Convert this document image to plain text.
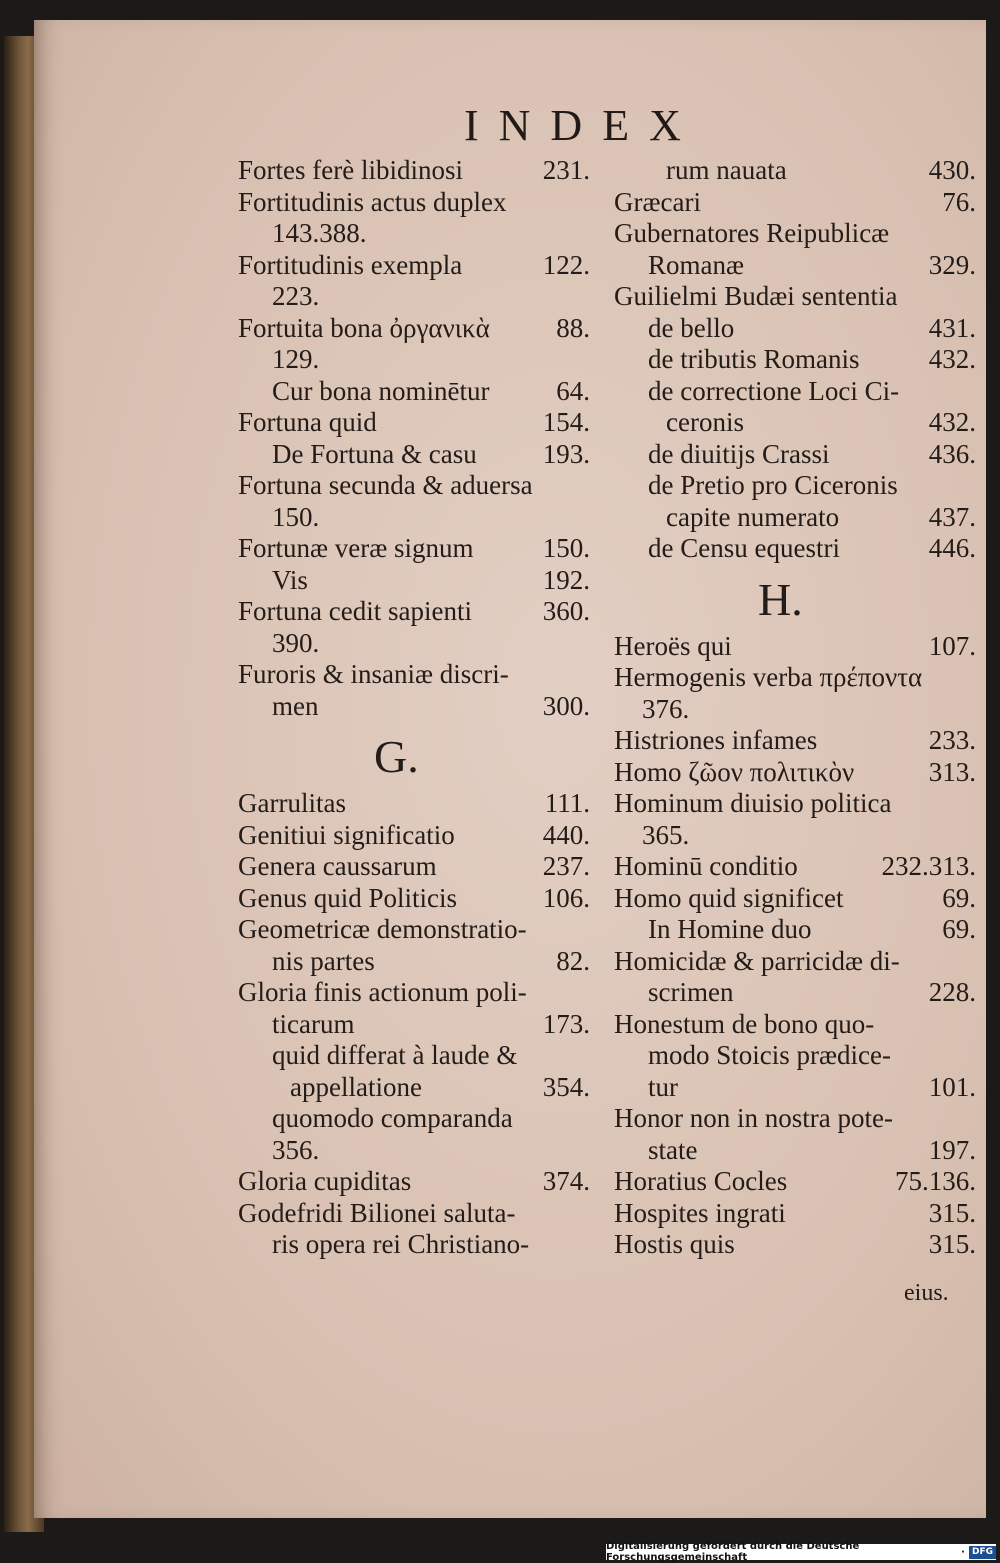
INDEX
Fortes ferè libidinosi	231.
Fortitudinis actus duplex
143.388.
Fortitudinis exempla	122.
223.
Fortuita bona ὀργανικὰ 88.
129.
Cur bona nominētur 64.
Fortuna quid	154.
De Fortuna & casu 193.
Fortuna secunda & aduersa
150.
Fortunæ veræ signum	150.
Vis	192.
Fortuna cedit sapienti	360.
390.
Furoris & insaniæ discri-
men	300.
G.
Garrulitas	111.
Genitiui significatio	440.
Genera caussarum	237.
Genus quid Politicis	106.
Geometricæ demonstratio-
nis partes	82.
Gloria finis actionum poli-
ticarum	173.
quid differat à laude &
appellatione	354.
quomodo comparanda
356.
Gloria cupiditas	374.
Godefridi Bilionei saluta-
ris opera rei Christiano-
rum nauata	430.
Græcari	76.
Gubernatores Reipublicæ
Romanæ	329.
Guilielmi Budæi sententia
de bello	431.
de tributis Romanis	432.
de correctione Loci Ci-
ceronis	432.
de diuitijs Crassi	436.
de Pretio pro Ciceronis
capite numerato	437.
de Censu equestri	446.
H.
Heroës qui	107.
Hermogenis verba πρέποντα
376.
Histriones infames	233.
Homo ζῶον πολιτικὸν	313.
Hominum diuisio politica
365.
Hominū conditio	232.313.
Homo quid significet	69.
In Homine duo	69.
Homicidæ & parricidæ di-
scrimen	228.
Honestum de bono quo-
modo Stoicis prædice-
tur	101.
Honor non in nostra pote-
state	197.
Horatius Cocles	75.136.
Hospites ingrati	315.
Hostis quis	315.
eius.
Digitalisierung gefördert durch die Deutsche Forschungsgemeinschaft	· DFG
